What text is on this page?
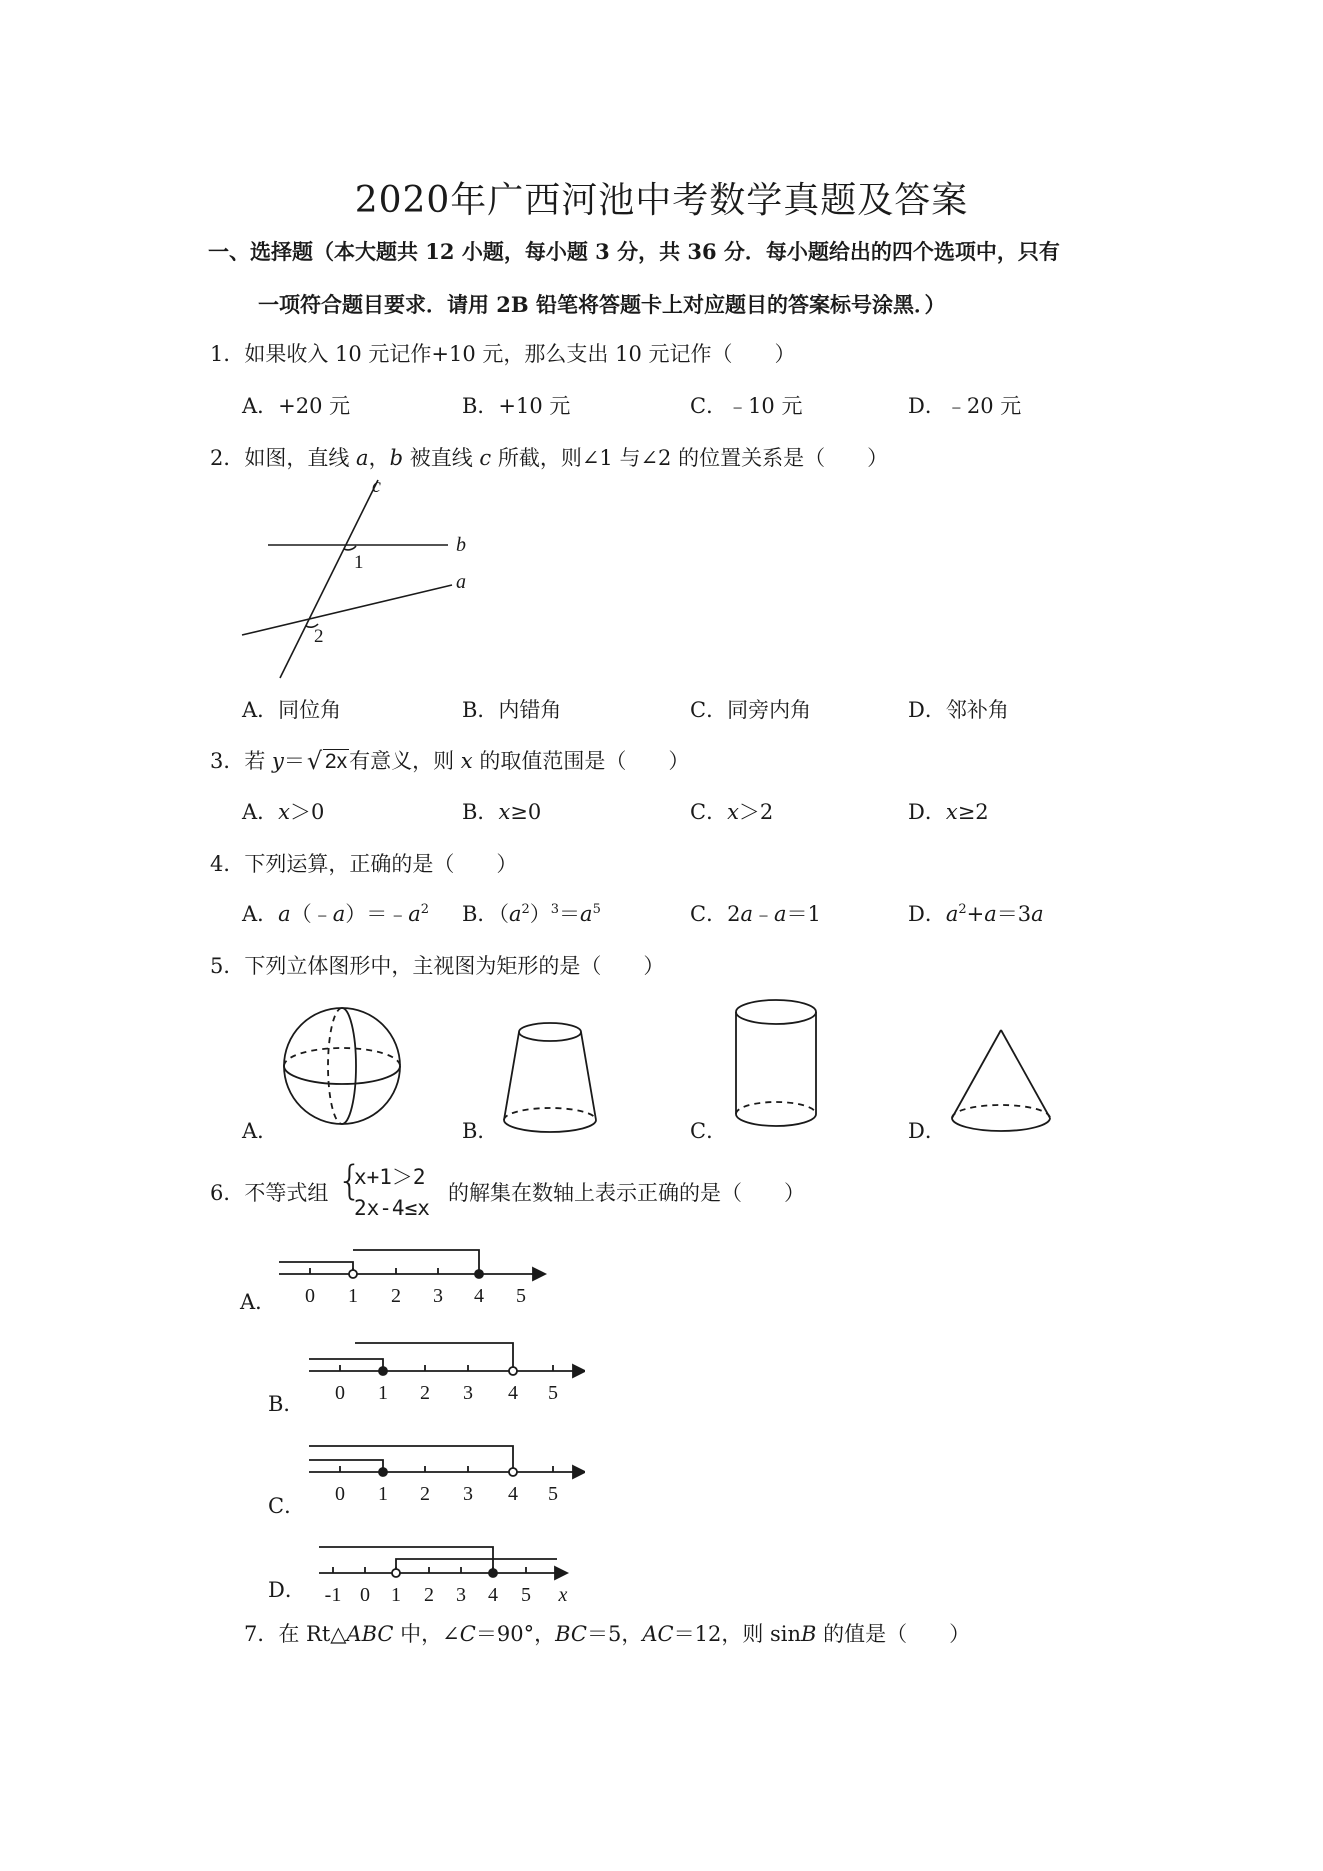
2020年广西河池中考数学真题及答案
一、选择题（本大题共 12 小题，每小题 3 分，共 36 分．每小题给出的四个选项中，只有
一项符合题目要求．请用 2B 铅笔将答题卡上对应题目的答案标号涂黑．）
1．如果收入 10 元记作+10 元，那么支出 10 元记作（　　）
A．+20 元	B．+10 元	C．﹣10 元	D．﹣20 元
2．如图，直线 a，b 被直线 c 所截，则∠1 与∠2 的位置关系是（　　）
c
b
a
1
2
A．同位角	B．内错角	C．同旁内角	D．邻补角
3．若 y＝ √ 2x有意义，则 x 的取值范围是（　　）
A．x＞0	B．x≥0	C．x＞2	D．x≥2
4．下列运算，正确的是（　　）
A．$a(﹣a)=﹣a^2$ B．$(a^2)^3=a^5$	C．2a﹣a＝1	D．$a^2+a=3a$
5．下列立体图形中，主视图为矩形的是（　　）
A．	B．	C．	D．
6．不等式组 {
x+1＞2
2x-4≤x
的解集在数轴上表示正确的是（　　）
0 1 2 3 4 5
A．
0 1 2 3 4 5
B．
0 1 2 3 4 5
C．
-1 0 1 2 3 4 5 x
D．
7．在 Rt△ABC 中，∠C＝90°，BC＝5，AC＝12，则 sinB 的值是（　　）
